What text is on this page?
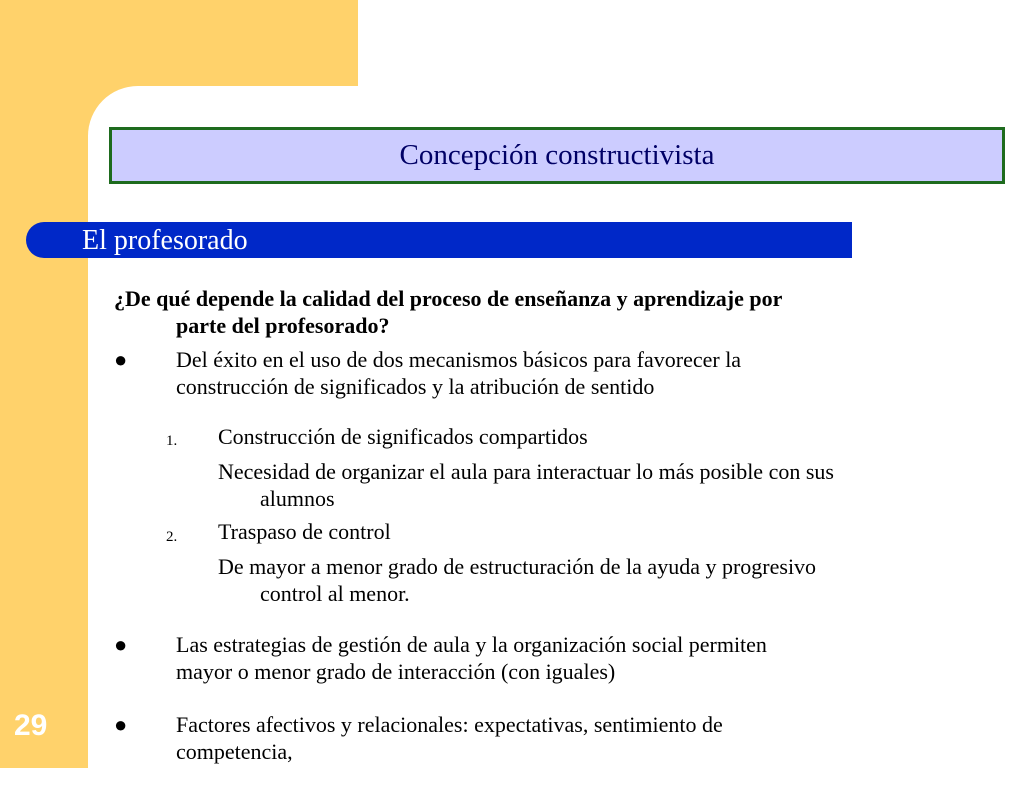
Concepción constructivista
El profesorado
¿De qué depende la calidad del proceso de enseñanza y aprendizaje por
parte del profesorado?
● Del éxito en el uso de dos mecanismos básicos para favorecer la
construcción de significados y la atribución de sentido
1. Construcción de significados compartidos
Necesidad de organizar el aula para interactuar lo más posible con sus
alumnos
2. Traspaso de control
De mayor a menor grado de estructuración de la ayuda y progresivo
control al menor.
● Las estrategias de gestión de aula y la organización social permiten
mayor o menor grado de interacción (con iguales)
● Factores afectivos y relacionales: expectativas, sentimiento de
competencia,
29
